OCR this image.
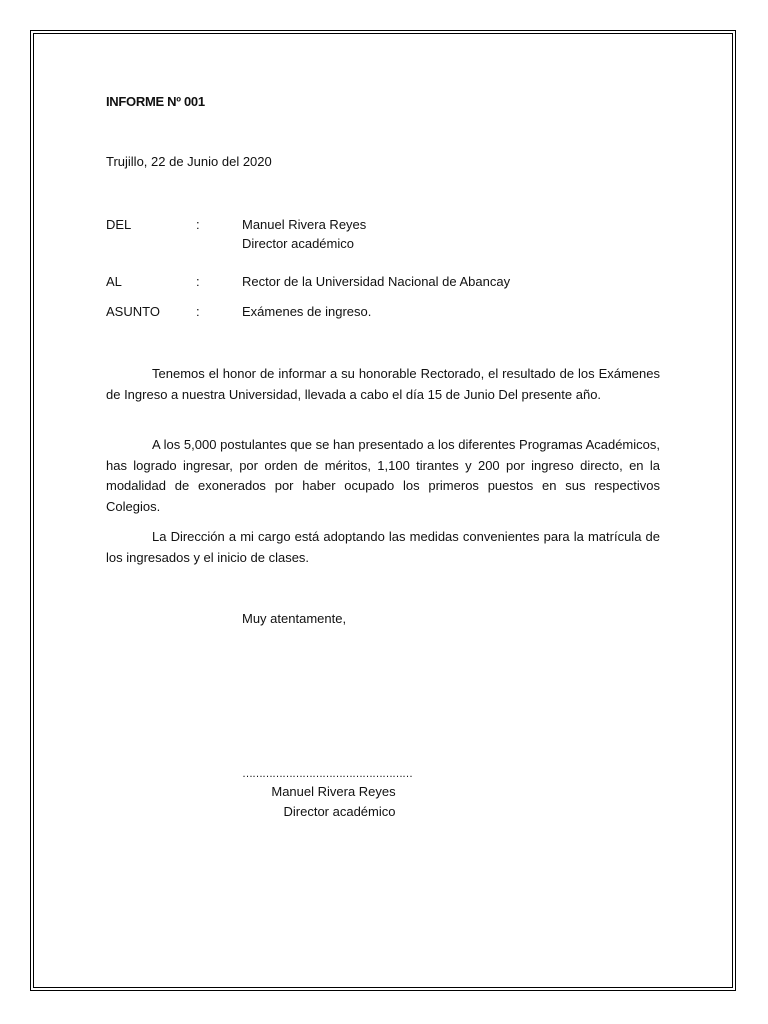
INFORME Nº 001
Trujillo, 22 de Junio del 2020
DEL	:	Manuel Rivera Reyes
Director académico
AL	:	Rector de la Universidad Nacional de Abancay
ASUNTO	:	Exámenes de ingreso.

Tenemos el honor de informar a su honorable Rectorado, el resultado de los Exámenes de Ingreso a nuestra Universidad, llevada a cabo el día 15 de Junio Del presente año.

A los 5,000 postulantes que se han presentado a los diferentes Programas Académicos, has logrado ingresar, por orden de méritos, 1,100 tirantes y 200 por ingreso directo, en la modalidad de exonerados por haber ocupado los primeros puestos en sus respectivos Colegios.

La Dirección a mi cargo está adoptando las medidas convenientes para la matrícula de los ingresados y el inicio de clases.

Muy atentamente,
……………………………………………
Manuel Rivera Reyes
Director académico
